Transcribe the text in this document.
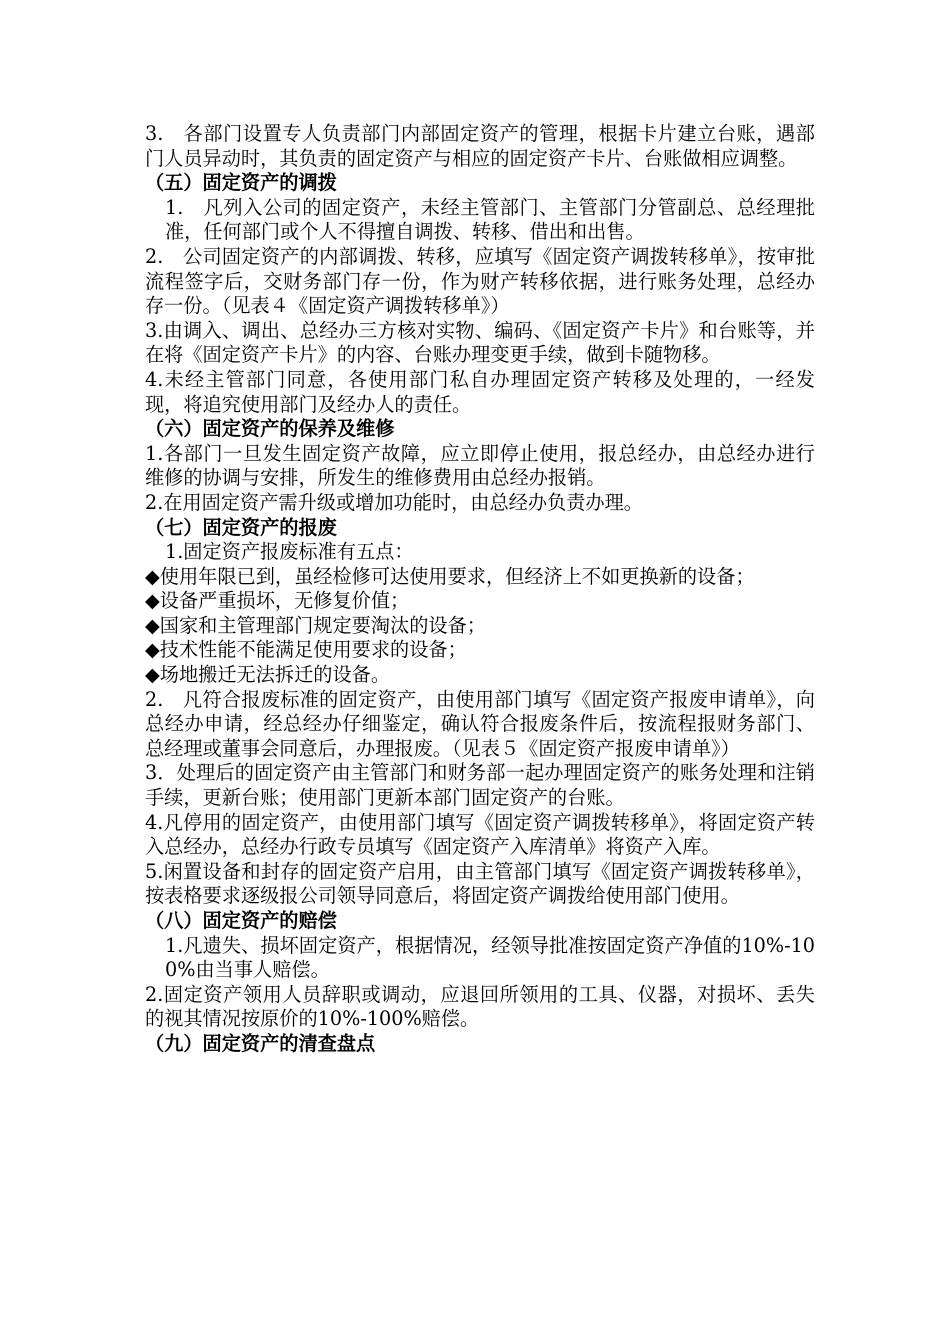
3.　各部门设置专人负责部门内部固定资产的管理，根据卡片建立台账，遇部门人员异动时，其负责的固定资产与相应的固定资产卡片、台账做相应调整。

（五）固定资产的调拨

1.　凡列入公司的固定资产，未经主管部门、主管部门分管副总、总经理批准，任何部门或个人不得擅自调拨、转移、借出和出售。

2.　公司固定资产的内部调拨、转移，应填写《固定资产调拨转移单》，按审批流程签字后，交财务部门存一份，作为财产转移依据，进行账务处理，总经办存一份。（见表４《固定资产调拨转移单》）

3.由调入、调出、总经办三方核对实物、编码、《固定资产卡片》和台账等，并在将《固定资产卡片》的内容、台账办理变更手续，做到卡随物移。

4.未经主管部门同意，各使用部门私自办理固定资产转移及处理的，一经发现，将追究使用部门及经办人的责任。

（六）固定资产的保养及维修

1.各部门一旦发生固定资产故障，应立即停止使用，报总经办，由总经办进行维修的协调与安排，所发生的维修费用由总经办报销。

2.在用固定资产需升级或增加功能时，由总经办负责办理。

（七）固定资产的报废

1.固定资产报废标准有五点：

◆使用年限已到，虽经检修可达使用要求，但经济上不如更换新的设备；

◆设备严重损坏，无修复价值；

◆国家和主管理部门规定要淘汰的设备；

◆技术性能不能满足使用要求的设备；

◆场地搬迁无法拆迁的设备。

2.　凡符合报废标准的固定资产，由使用部门填写《固定资产报废申请单》，向总经办申请，经总经办仔细鉴定，确认符合报废条件后，按流程报财务部门、总经理或董事会同意后，办理报废。（见表５《固定资产报废申请单》）

3．处理后的固定资产由主管部门和财务部一起办理固定资产的账务处理和注销手续，更新台账；使用部门更新本部门固定资产的台账。

4.凡停用的固定资产，由使用部门填写《固定资产调拨转移单》，将固定资产转入总经办，总经办行政专员填写《固定资产入库清单》将资产入库。

5.闲置设备和封存的固定资产启用，由主管部门填写《固定资产调拨转移单》，按表格要求逐级报公司领导同意后，将固定资产调拨给使用部门使用。

（八）固定资产的赔偿

1.凡遗失、损坏固定资产，根据情况，经领导批准按固定资产净值的10%-100%由当事人赔偿。

2.固定资产领用人员辞职或调动，应退回所领用的工具、仪器，对损坏、丢失的视其情况按原价的10%-100%赔偿。

（九）固定资产的清查盘点
